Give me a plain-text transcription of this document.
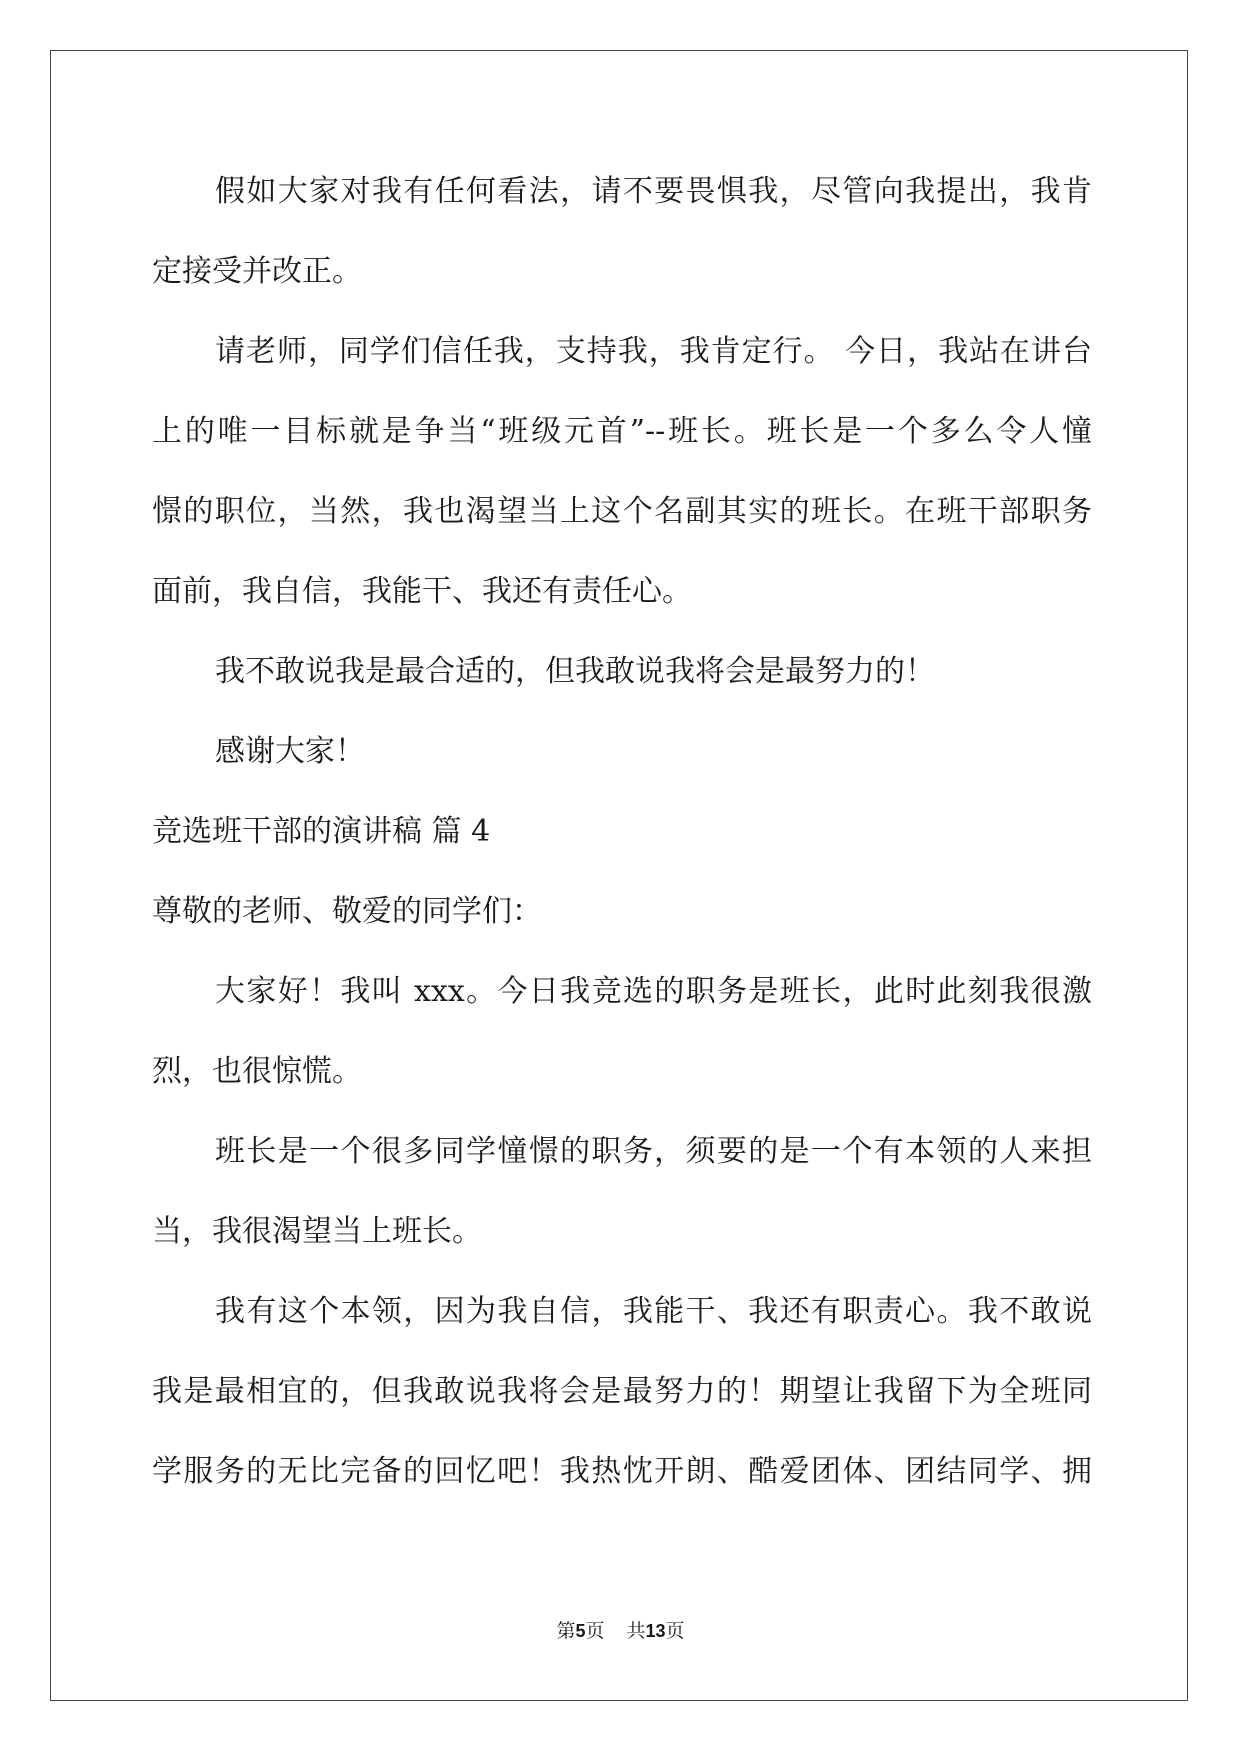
假如大家对我有任何看法，请不要畏惧我，尽管向我提出，我肯
定接受并改正。
请老师，同学们信任我，支持我，我肯定行。 今日，我站在讲台
上的唯一目标就是争当“班级元首”--班长。班长是一个多么令人憧
憬的职位，当然，我也渴望当上这个名副其实的班长。在班干部职务
面前，我自信，我能干、我还有责任心。
我不敢说我是最合适的，但我敢说我将会是最努力的！
感谢大家！
竞选班干部的演讲稿 篇 4
尊敬的老师、敬爱的同学们：
大家好！我叫 xxx。今日我竞选的职务是班长，此时此刻我很激
烈，也很惊慌。
班长是一个很多同学憧憬的职务，须要的是一个有本领的人来担
当，我很渴望当上班长。
我有这个本领，因为我自信，我能干、我还有职责心。我不敢说
我是最相宜的，但我敢说我将会是最努力的！期望让我留下为全班同
学服务的无比完备的回忆吧！我热忱开朗、酷爱团体、团结同学、拥
第5页 共13页
